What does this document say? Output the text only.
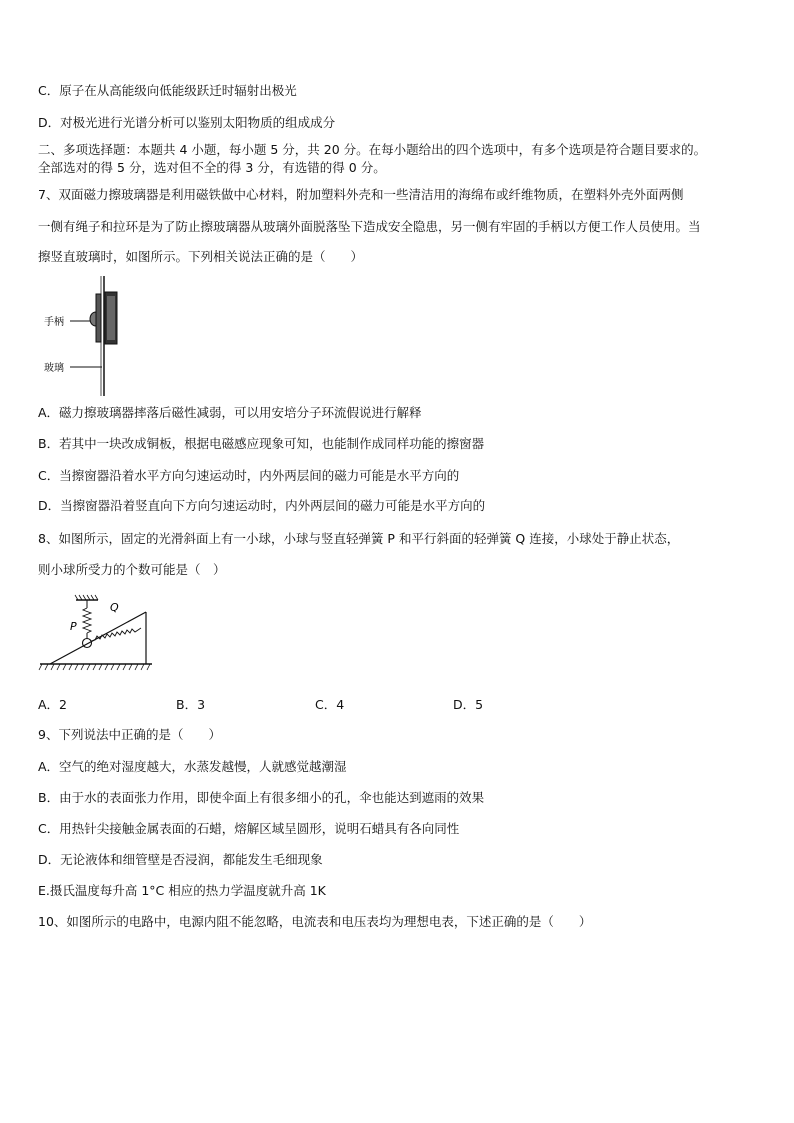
C．原子在从高能级向低能级跃迁时辐射出极光
D．对极光进行光谱分析可以鉴别太阳物质的组成成分
二、多项选择题：本题共 4 小题，每小题 5 分，共 20 分。在每小题给出的四个选项中，有多个选项是符合题目要求的。
全部选对的得 5 分，选对但不全的得 3 分，有选错的得 0 分。
7、双面磁力擦玻璃器是利用磁铁做中心材料，附加塑料外壳和一些清洁用的海绵布或纤维物质，在塑料外壳外面两侧
一侧有绳子和拉环是为了防止擦玻璃器从玻璃外面脱落坠下造成安全隐患，另一侧有牢固的手柄以方便工作人员使用。当
擦竖直玻璃时，如图所示。下列相关说法正确的是（　　）
手柄
玻璃
A．磁力擦玻璃器摔落后磁性减弱，可以用安培分子环流假说进行解释
B．若其中一块改成铜板，根据电磁感应现象可知，也能制作成同样功能的擦窗器
C．当擦窗器沿着水平方向匀速运动时，内外两层间的磁力可能是水平方向的
D．当擦窗器沿着竖直向下方向匀速运动时，内外两层间的磁力可能是水平方向的
8、如图所示，固定的光滑斜面上有一小球，小球与竖直轻弹簧 P 和平行斜面的轻弹簧 Q 连接，小球处于静止状态，
则小球所受力的个数可能是（　）
P
Q
A．2	B．3	C．4	D．5
9、下列说法中正确的是（　　）
A．空气的绝对湿度越大，水蒸发越慢，人就感觉越潮湿
B．由于水的表面张力作用，即使伞面上有很多细小的孔，伞也能达到遮雨的效果
C．用热针尖接触金属表面的石蜡，熔解区域呈圆形，说明石蜡具有各向同性
D．无论液体和细管壁是否浸润，都能发生毛细现象
E.摄氏温度每升高 1°C 相应的热力学温度就升高 1K
10、如图所示的电路中，电源内阻不能忽略，电流表和电压表均为理想电表，下述正确的是（　　）
